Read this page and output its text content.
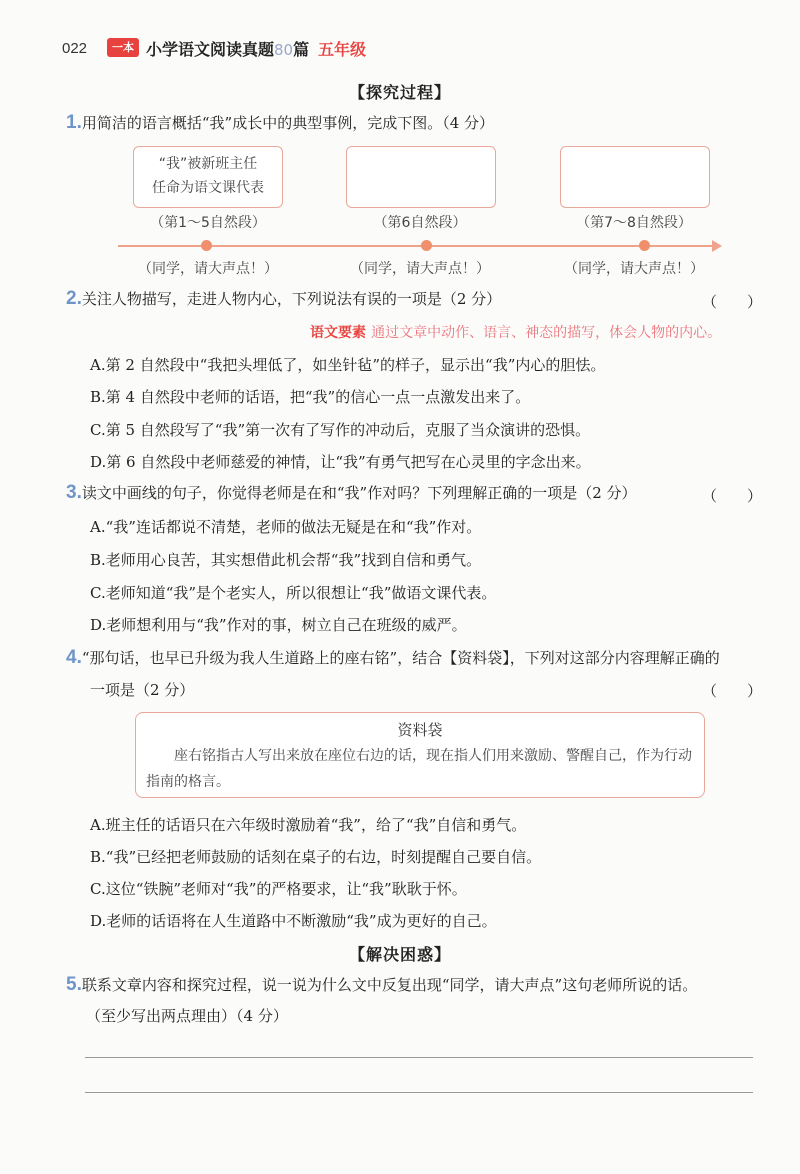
022	一本 小学语文阅读真题80篇 五年级
【探究过程】
1.用简洁的语言概括“我”成长中的典型事例，完成下图。（4 分）
“我”被新班主任
任命为语文课代表
（第1～5自然段）	（第6自然段）	（第7～8自然段）
（同学，请大声点！）	（同学，请大声点！）	（同学，请大声点！）
2.关注人物描写，走进人物内心，下列说法有误的一项是（2 分）	（　　）
语文要素 通过文章中动作、语言、神态的描写，体会人物的内心。
A.第 2 自然段中“我把头埋低了，如坐针毡”的样子，显示出“我”内心的胆怯。
B.第 4 自然段中老师的话语，把“我”的信心一点一点激发出来了。
C.第 5 自然段写了“我”第一次有了写作的冲动后，克服了当众演讲的恐惧。
D.第 6 自然段中老师慈爱的神情，让“我”有勇气把写在心灵里的字念出来。
3.读文中画线的句子，你觉得老师是在和“我”作对吗？下列理解正确的一项是（2 分）	（　　）
A.“我”连话都说不清楚，老师的做法无疑是在和“我”作对。
B.老师用心良苦，其实想借此机会帮“我”找到自信和勇气。
C.老师知道“我”是个老实人，所以很想让“我”做语文课代表。
D.老师想利用与“我”作对的事，树立自己在班级的威严。
4.“那句话，也早已升级为我人生道路上的座右铭”，结合【资料袋】，下列对这部分内容理解正确的
一项是（2 分）	（　　）
资料袋
座右铭指古人写出来放在座位右边的话，现在指人们用来激励、警醒自己，作为行动指南的格言。
A.班主任的话语只在六年级时激励着“我”，给了“我”自信和勇气。
B.“我”已经把老师鼓励的话刻在桌子的右边，时刻提醒自己要自信。
C.这位“铁腕”老师对“我”的严格要求，让“我”耿耿于怀。
D.老师的话语将在人生道路中不断激励“我”成为更好的自己。
【解决困惑】
5.联系文章内容和探究过程，说一说为什么文中反复出现“同学，请大声点”这句老师所说的话。
（至少写出两点理由）（4 分）
